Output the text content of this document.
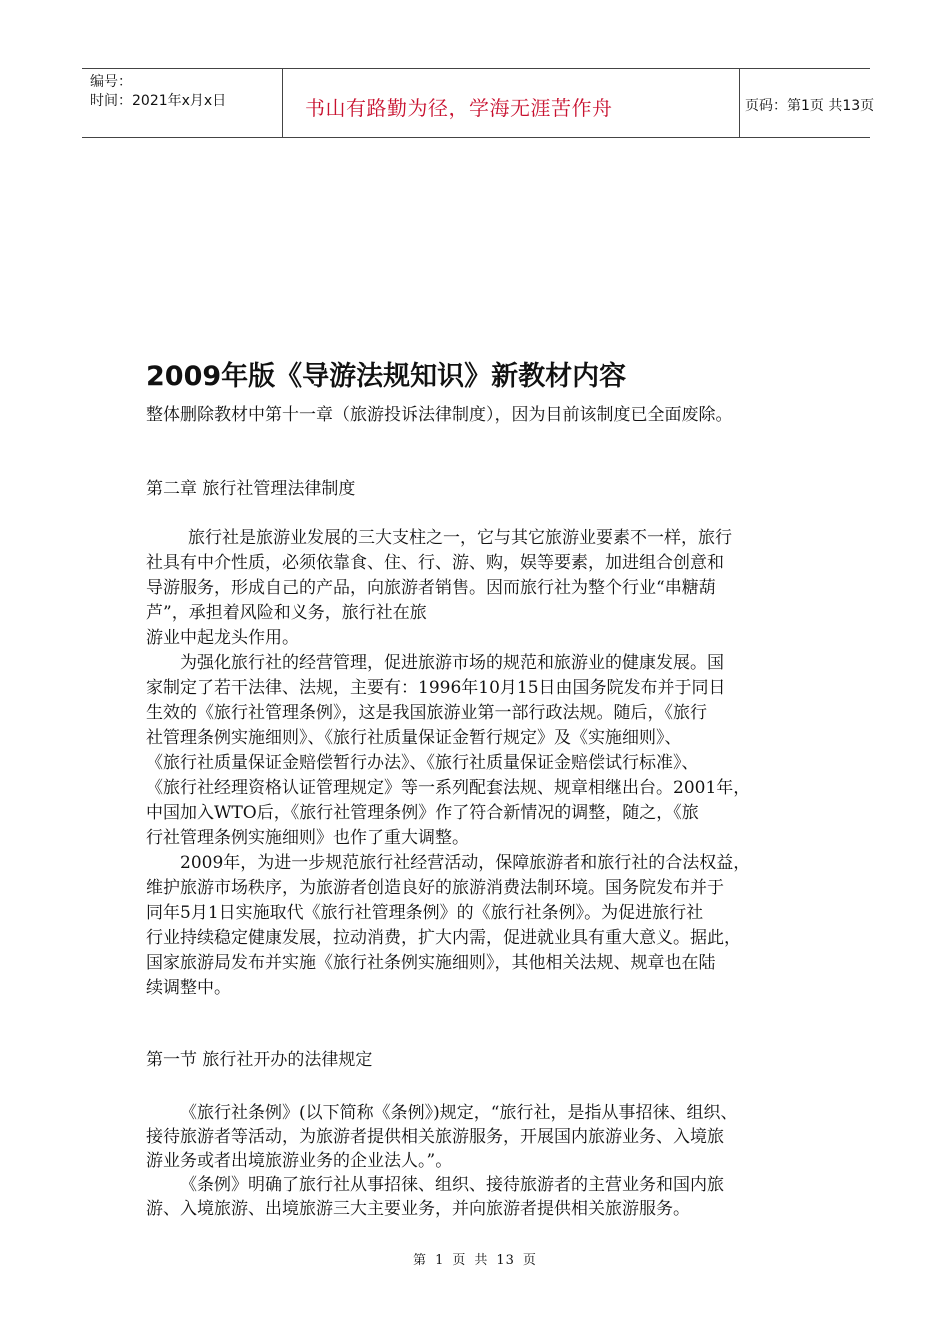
编号：
时间：2021年x月x日	书山有路勤为径，学海无涯苦作舟	页码：第1页 共13页
2009年版《导游法规知识》新教材内容
整体删除教材中第十一章（旅游投诉法律制度），因为目前该制度已全面废除。
第二章 旅行社管理法律制度
旅行社是旅游业发展的三大支柱之一，它与其它旅游业要素不一样，旅行
社具有中介性质，必须依靠食、住、行、游、购，娱等要素，加进组合创意和
导游服务，形成自己的产品，向旅游者销售。因而旅行社为整个行业“串糖葫
芦”，承担着风险和义务，旅行社在旅
游业中起龙头作用。
为强化旅行社的经营管理，促进旅游市场的规范和旅游业的健康发展。国
家制定了若干法律、法规，主要有：1996年10月15日由国务院发布并于同日
生效的《旅行社管理条例》，这是我国旅游业第一部行政法规。随后，《旅行
社管理条例实施细则》、《旅行社质量保证金暂行规定》及《实施细则》、
《旅行社质量保证金赔偿暂行办法》、《旅行社质量保证金赔偿试行标准》、
《旅行社经理资格认证管理规定》等一系列配套法规、规章相继出台。2001年，
中国加入WTO后，《旅行社管理条例》作了符合新情况的调整，随之，《旅
行社管理条例实施细则》也作了重大调整。
2009年，为进一步规范旅行社经营活动，保障旅游者和旅行社的合法权益，
维护旅游市场秩序，为旅游者创造良好的旅游消费法制环境。国务院发布并于
同年5月1日实施取代《旅行社管理条例》的《旅行社条例》。为促进旅行社
行业持续稳定健康发展，拉动消费，扩大内需，促进就业具有重大意义。据此，
国家旅游局发布并实施《旅行社条例实施细则》，其他相关法规、规章也在陆
续调整中。
第一节 旅行社开办的法律规定
《旅行社条例》(以下简称《条例》)规定，“旅行社，是指从事招徕、组织、
接待旅游者等活动，为旅游者提供相关旅游服务，开展国内旅游业务、入境旅
游业务或者出境旅游业务的企业法人。”。
《条例》明确了旅行社从事招徕、组织、接待旅游者的主营业务和国内旅
游、入境旅游、出境旅游三大主要业务，并向旅游者提供相关旅游服务。
第 1 页 共 13 页
